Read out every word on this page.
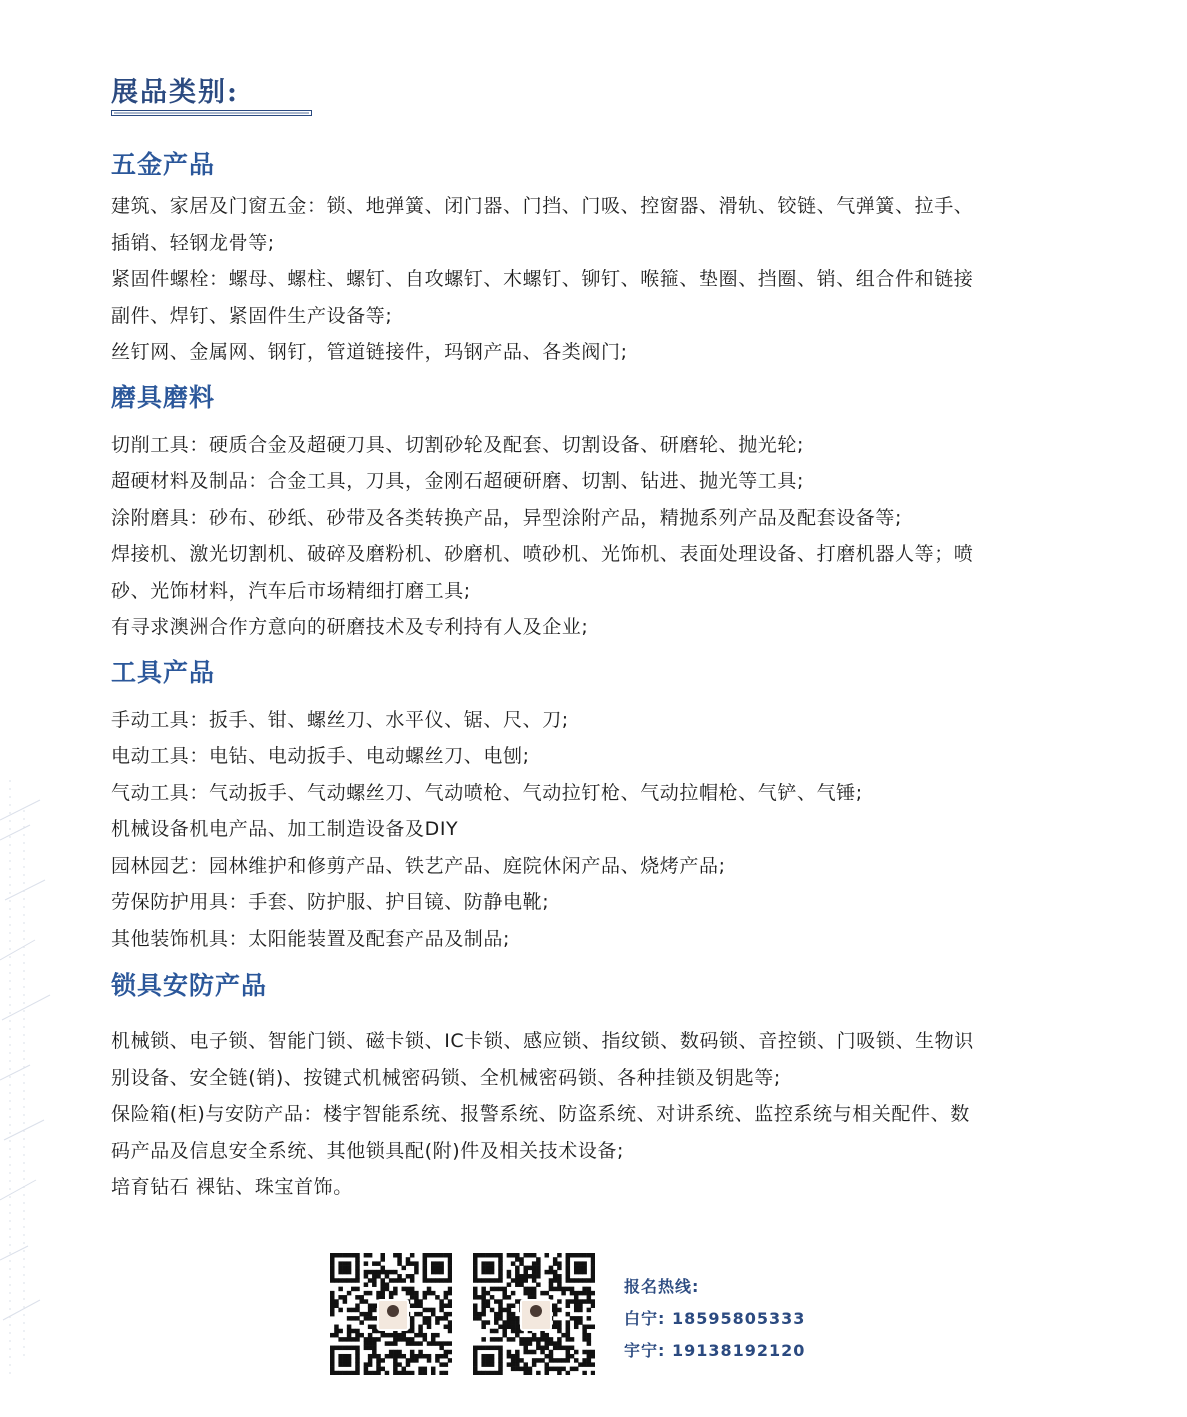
展品类别:
五金产品

建筑、家居及门窗五金：锁、地弹簧、闭门器、门挡、门吸、控窗器、滑轨、铰链、气弹簧、拉手、

插销、轻钢龙骨等;

紧固件螺栓：螺母、螺柱、螺钉、自攻螺钉、木螺钉、铆钉、喉箍、垫圈、挡圈、销、组合件和链接

副件、焊钉、紧固件生产设备等;

丝钉网、金属网、钢钉，管道链接件，玛钢产品、各类阀门;

磨具磨料

切削工具：硬质合金及超硬刀具、切割砂轮及配套、切割设备、研磨轮、抛光轮;

超硬材料及制品：合金工具，刀具，金刚石超硬研磨、切割、钻进、抛光等工具;

涂附磨具：砂布、砂纸、砂带及各类转换产品，异型涂附产品，精抛系列产品及配套设备等;

焊接机、激光切割机、破碎及磨粉机、砂磨机、喷砂机、光饰机、表面处理设备、打磨机器人等；喷

砂、光饰材料，汽车后市场精细打磨工具;

有寻求澳洲合作方意向的研磨技术及专利持有人及企业;

工具产品

手动工具：扳手、钳、螺丝刀、水平仪、锯、尺、刀;

电动工具：电钻、电动扳手、电动螺丝刀、电刨;

气动工具：气动扳手、气动螺丝刀、气动喷枪、气动拉钉枪、气动拉帽枪、气铲、气锤;

机械设备机电产品、加工制造设备及DIY

园林园艺：园林维护和修剪产品、铁艺产品、庭院休闲产品、烧烤产品;

劳保防护用具：手套、防护服、护目镜、防静电靴;

其他装饰机具：太阳能装置及配套产品及制品;

锁具安防产品

机械锁、电子锁、智能门锁、磁卡锁、IC卡锁、感应锁、指纹锁、数码锁、音控锁、门吸锁、生物识

别设备、安全链(销)、按键式机械密码锁、全机械密码锁、各种挂锁及钥匙等;

保险箱(柜)与安防产品：楼宇智能系统、报警系统、防盗系统、对讲系统、监控系统与相关配件、数

码产品及信息安全系统、其他锁具配(附)件及相关技术设备;

培育钻石 裸钻、珠宝首饰。

报名热线:
白宁: 18595805333
宇宁: 19138192120
